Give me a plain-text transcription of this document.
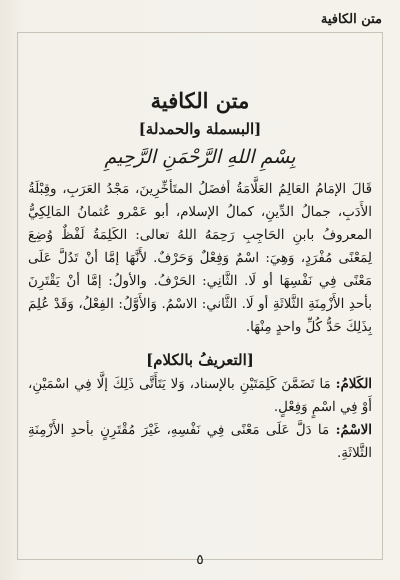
متن الكافية
متن الكافية
[البسملة والحمدلة]
بِسْمِ اللهِ الرَّحْمَنِ الرَّحِيمِ

قَالَ الإمَامُ العَالِمُ العَلَّامَةُ أفضَلُ المتَأخِّرِينَ، مَجْدُ العَرَبِ، وقِبْلَةُ الأَدَبِ، جمالُ الدِّينِ، كمالُ الإسلام، أبو عَمْرو عُثمانُ المَالِكِيُّ المعروفُ بابنِ الحَاجِبِ رَحِمَهُ اللهُ تعالى: الكَلِمَةُ لَفْظٌ وُضِعَ لِمَعْنًى مُفْرَدٍ، وَهِيَ: اسْمٌ وَفِعْلٌ وَحَرْفٌ. لأَنَّهَا إمَّا أنْ تَدُلَّ عَلَى مَعْنًى فِي نَفْسِهَا أو لَا. الثَّانِي: الحَرْفُ. والأولُ: إمَّا أنْ يَقْتَرِنَ بأحدِ الأَزْمِنَةِ الثَّلاثَةِ أو لَا. الثَّاني: الاسْمُ. وَالأَوَّلُ: الفِعْلُ، وَقَدْ عُلِمَ بِذَلِكَ حَدُّ كُلِّ واحدٍ مِنْهَا.

[التعريفُ بالكلام]

الكَلامُ: مَا تَضَمَّنَ كَلِمَتَيْنِ بالإسناد، وَلا يَتَأَتَّى ذَلِكَ إلَّا فِي اسْمَيْنِ، أَوْ فِي اسْمٍ وَفِعْلٍ.

الاسْمُ: مَا دَلَّ عَلَى مَعْنًى فِي نَفْسِهِ، غَيْرَ مُقْتَرِنٍ بأحدِ الأَزْمِنَةِ الثَّلاثَةِ.

٥
